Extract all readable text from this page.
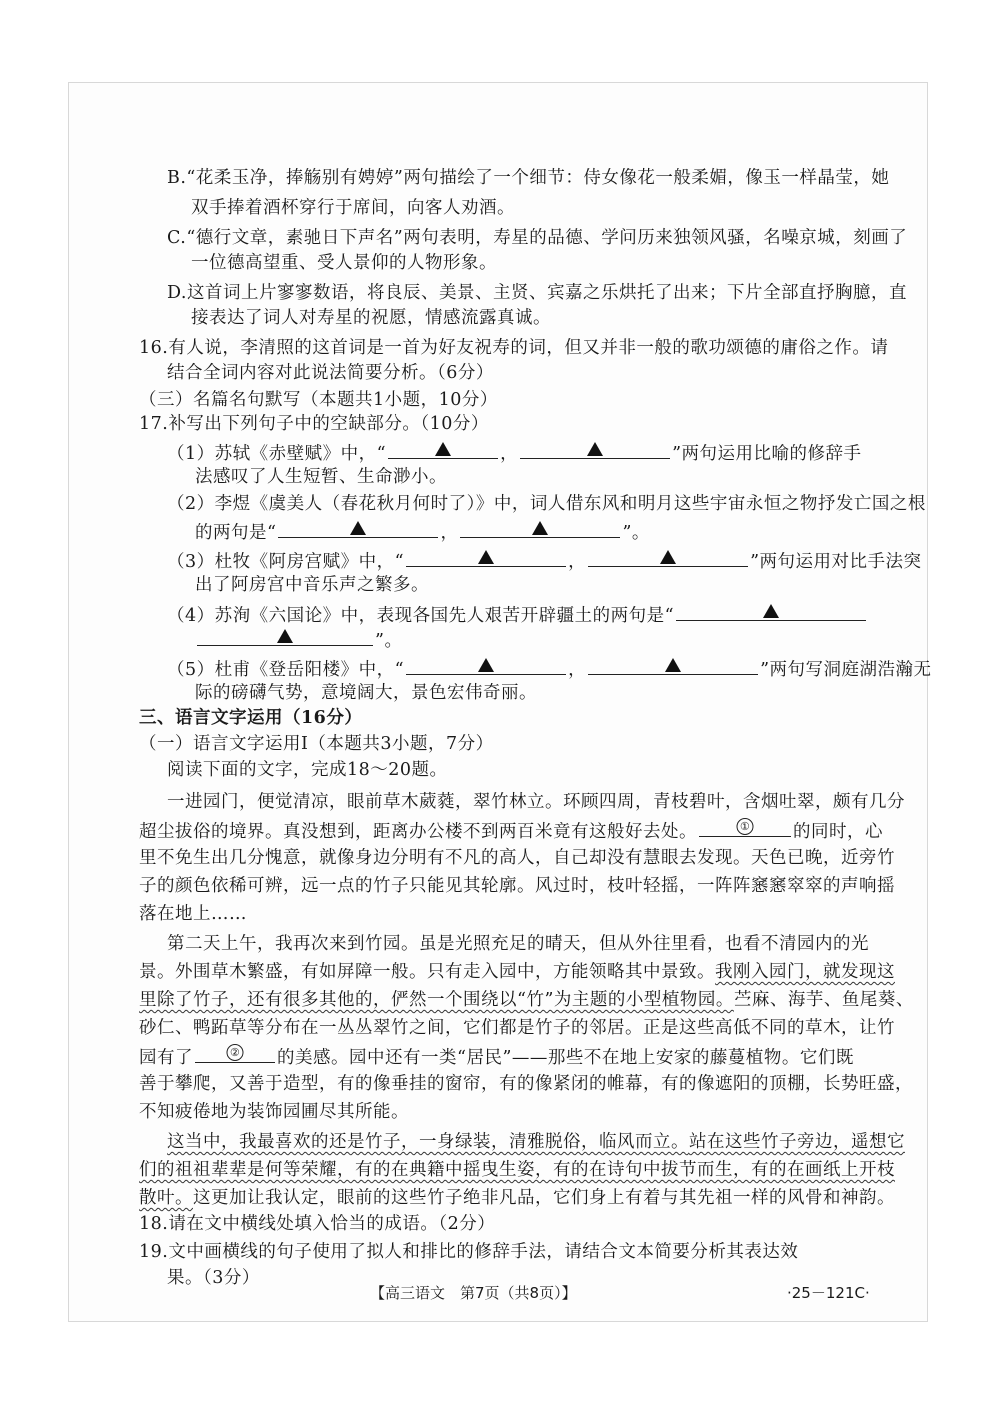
B.“花柔玉净，捧觞别有娉婷”两句描绘了一个细节：侍女像花一般柔媚，像玉一样晶莹，她
双手捧着酒杯穿行于席间，向客人劝酒。
C.“德行文章，素驰日下声名”两句表明，寿星的品德、学问历来独领风骚，名噪京城，刻画了
一位德高望重、受人景仰的人物形象。
D.这首词上片寥寥数语，将良辰、美景、主贤、宾嘉之乐烘托了出来；下片全部直抒胸臆，直
接表达了词人对寿星的祝愿，情感流露真诚。
16.有人说，李清照的这首词是一首为好友祝寿的词，但又并非一般的歌功颂德的庸俗之作。请
结合全词内容对此说法简要分析。（6分）
（三）名篇名句默写（本题共1小题，10分）
17.补写出下列句子中的空缺部分。（10分）
（1）苏轼《赤壁赋》中，“	，	”两句运用比喻的修辞手
法感叹了人生短暂、生命渺小。
（2）李煜《虞美人（春花秋月何时了）》中，词人借东风和明月这些宇宙永恒之物抒发亡国之根
的两句是“	，	”。
（3）杜牧《阿房宫赋》中，“	，	”两句运用对比手法突
出了阿房宫中音乐声之繁多。
（4）苏洵《六国论》中，表现各国先人艰苦开辟疆土的两句是“
”。
（5）杜甫《登岳阳楼》中，“	，	”两句写洞庭湖浩瀚无
际的磅礴气势，意境阔大，景色宏伟奇丽。
三、语言文字运用（16分）
（一）语言文字运用Ⅰ（本题共3小题，7分）
阅读下面的文字，完成18～20题。
一进园门，便觉清凉，眼前草木葳蕤，翠竹林立。环顾四周，青枝碧叶，含烟吐翠，颇有几分
超尘拔俗的境界。真没想到，距离办公楼不到两百米竟有这般好去处。	① 的同时，心
里不免生出几分愧意，就像身边分明有不凡的高人，自己却没有慧眼去发现。天色已晚，近旁竹
子的颜色依稀可辨，远一点的竹子只能见其轮廓。风过时，枝叶轻摇，一阵阵窸窸窣窣的声响摇
落在地上……
第二天上午，我再次来到竹园。虽是光照充足的晴天，但从外往里看，也看不清园内的光
景。外围草木繁盛，有如屏障一般。只有走入园中，方能领略其中景致。我刚入园门，就发现这
里除了竹子，还有很多其他的，俨然一个围绕以“竹”为主题的小型植物园。苎麻、海芋、鱼尾葵、
砂仁、鸭跖草等分布在一丛丛翠竹之间，它们都是竹子的邻居。正是这些高低不同的草木，让竹
园有了	② 的美感。园中还有一类“居民”——那些不在地上安家的藤蔓植物。它们既
善于攀爬，又善于造型，有的像垂挂的窗帘，有的像紧闭的帷幕，有的像遮阳的顶棚，长势旺盛，
不知疲倦地为装饰园圃尽其所能。
这当中，我最喜欢的还是竹子，一身绿装，清雅脱俗，临风而立。站在这些竹子旁边，遥想它
们的祖祖辈辈是何等荣耀，有的在典籍中摇曳生姿，有的在诗句中拔节而生，有的在画纸上开枝
散叶。这更加让我认定，眼前的这些竹子绝非凡品，它们身上有着与其先祖一样的风骨和神韵。
18.请在文中横线处填入恰当的成语。（2分）
19.文中画横线的句子使用了拟人和排比的修辞手法，请结合文本简要分析其表达效
果。（3分）
【高三语文　第7页（共8页）】	·25－121C·
